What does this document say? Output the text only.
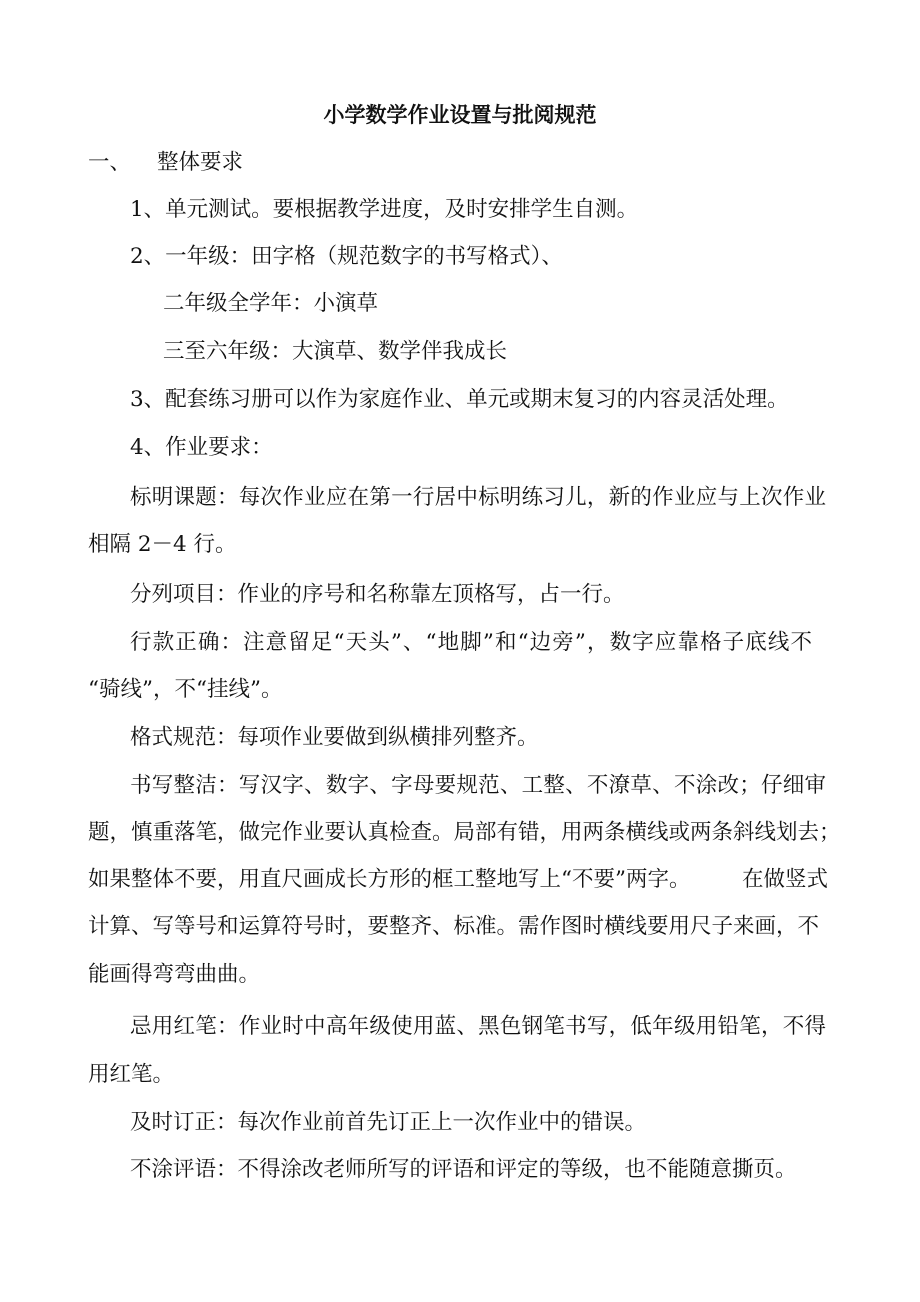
小学数学作业设置与批阅规范
一、 整体要求
1、单元测试。要根据教学进度，及时安排学生自测。
2、一年级：田字格（规范数字的书写格式）、
二年级全学年：小演草
三至六年级：大演草、数学伴我成长
3、配套练习册可以作为家庭作业、单元或期末复习的内容灵活处理。
4、作业要求：
标明课题：每次作业应在第一行居中标明练习儿，新的作业应与上次作业
相隔 2－4 行。
分列项目：作业的序号和名称靠左顶格写，占一行。
行款正确：注意留足“天头”、“地脚”和“边旁”，数字应靠格子底线不
“骑线”，不“挂线”。
格式规范：每项作业要做到纵横排列整齐。
书写整洁：写汉字、数字、字母要规范、工整、不潦草、不涂改；仔细审
题，慎重落笔，做完作业要认真检查。局部有错，用两条横线或两条斜线划去；
如果整体不要，用直尺画成长方形的框工整地写上“不要”两字。 在做竖式
计算、写等号和运算符号时，要整齐、标准。需作图时横线要用尺子来画，不
能画得弯弯曲曲。
忌用红笔：作业时中高年级使用蓝、黑色钢笔书写，低年级用铅笔，不得
用红笔。
及时订正：每次作业前首先订正上一次作业中的错误。
不涂评语：不得涂改老师所写的评语和评定的等级，也不能随意撕页。
